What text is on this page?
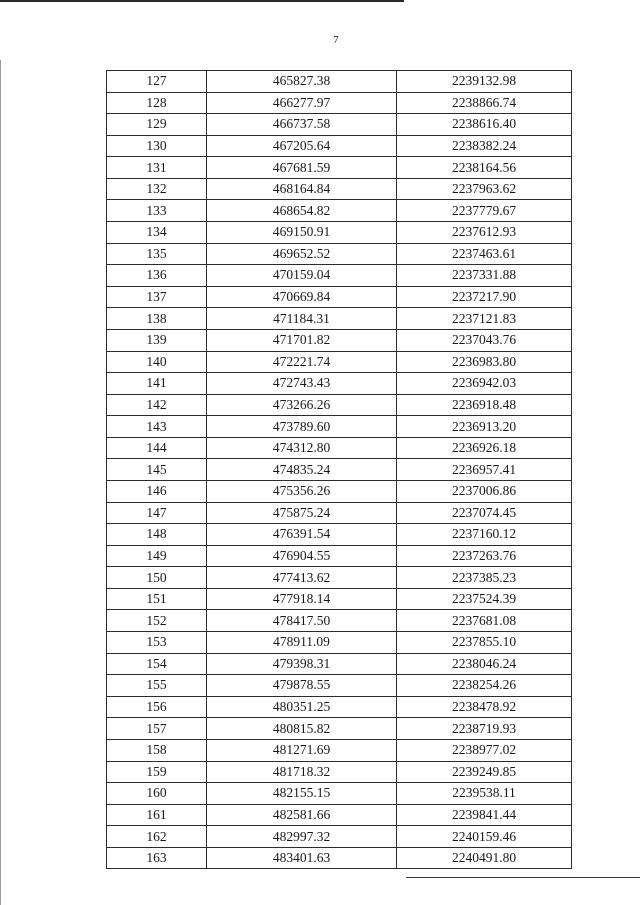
7
127	465827.38	2239132.98
128	466277.97	2238866.74
129	466737.58	2238616.40
130	467205.64	2238382.24
131	467681.59	2238164.56
132	468164.84	2237963.62
133	468654.82	2237779.67
134	469150.91	2237612.93
135	469652.52	2237463.61
136	470159.04	2237331.88
137	470669.84	2237217.90
138	471184.31	2237121.83
139	471701.82	2237043.76
140	472221.74	2236983.80
141	472743.43	2236942.03
142	473266.26	2236918.48
143	473789.60	2236913.20
144	474312.80	2236926.18
145	474835.24	2236957.41
146	475356.26	2237006.86
147	475875.24	2237074.45
148	476391.54	2237160.12
149	476904.55	2237263.76
150	477413.62	2237385.23
151	477918.14	2237524.39
152	478417.50	2237681.08
153	478911.09	2237855.10
154	479398.31	2238046.24
155	479878.55	2238254.26
156	480351.25	2238478.92
157	480815.82	2238719.93
158	481271.69	2238977.02
159	481718.32	2239249.85
160	482155.15	2239538.11
161	482581.66	2239841.44
162	482997.32	2240159.46
163	483401.63	2240491.80
